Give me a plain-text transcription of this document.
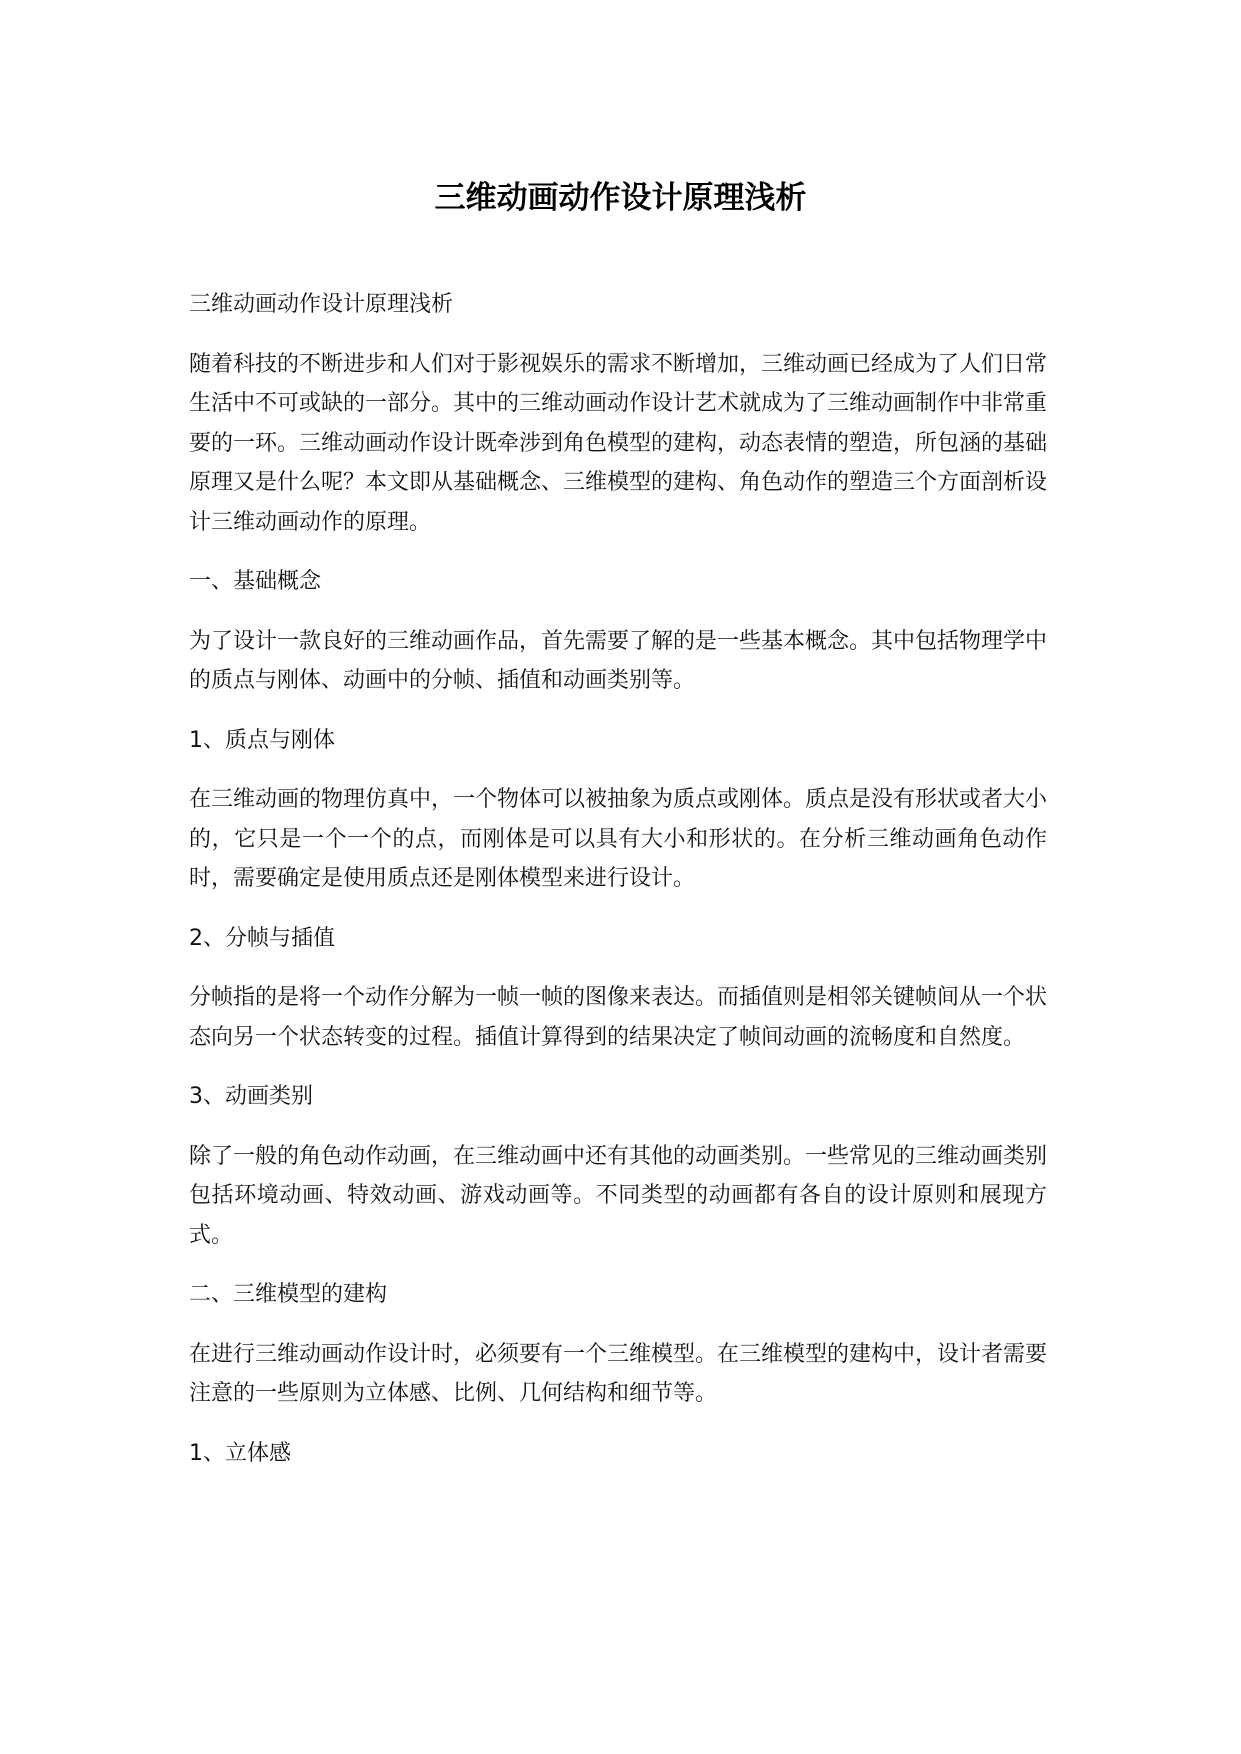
三维动画动作设计原理浅析

三维动画动作设计原理浅析

随着科技的不断进步和人们对于影视娱乐的需求不断增加，三维动画已经成为了人们日常生活中不可或缺的一部分。其中的三维动画动作设计艺术就成为了三维动画制作中非常重要的一环。三维动画动作设计既牵涉到角色模型的建构，动态表情的塑造，所包涵的基础原理又是什么呢？本文即从基础概念、三维模型的建构、角色动作的塑造三个方面剖析设计三维动画动作的原理。

一、基础概念

为了设计一款良好的三维动画作品，首先需要了解的是一些基本概念。其中包括物理学中的质点与刚体、动画中的分帧、插值和动画类别等。

1、质点与刚体

在三维动画的物理仿真中，一个物体可以被抽象为质点或刚体。质点是没有形状或者大小的，它只是一个一个的点，而刚体是可以具有大小和形状的。在分析三维动画角色动作时，需要确定是使用质点还是刚体模型来进行设计。

2、分帧与插值

分帧指的是将一个动作分解为一帧一帧的图像来表达。而插值则是相邻关键帧间从一个状态向另一个状态转变的过程。插值计算得到的结果决定了帧间动画的流畅度和自然度。

3、动画类别

除了一般的角色动作动画，在三维动画中还有其他的动画类别。一些常见的三维动画类别包括环境动画、特效动画、游戏动画等。不同类型的动画都有各自的设计原则和展现方式。

二、三维模型的建构

在进行三维动画动作设计时，必须要有一个三维模型。在三维模型的建构中，设计者需要注意的一些原则为立体感、比例、几何结构和细节等。

1、立体感
